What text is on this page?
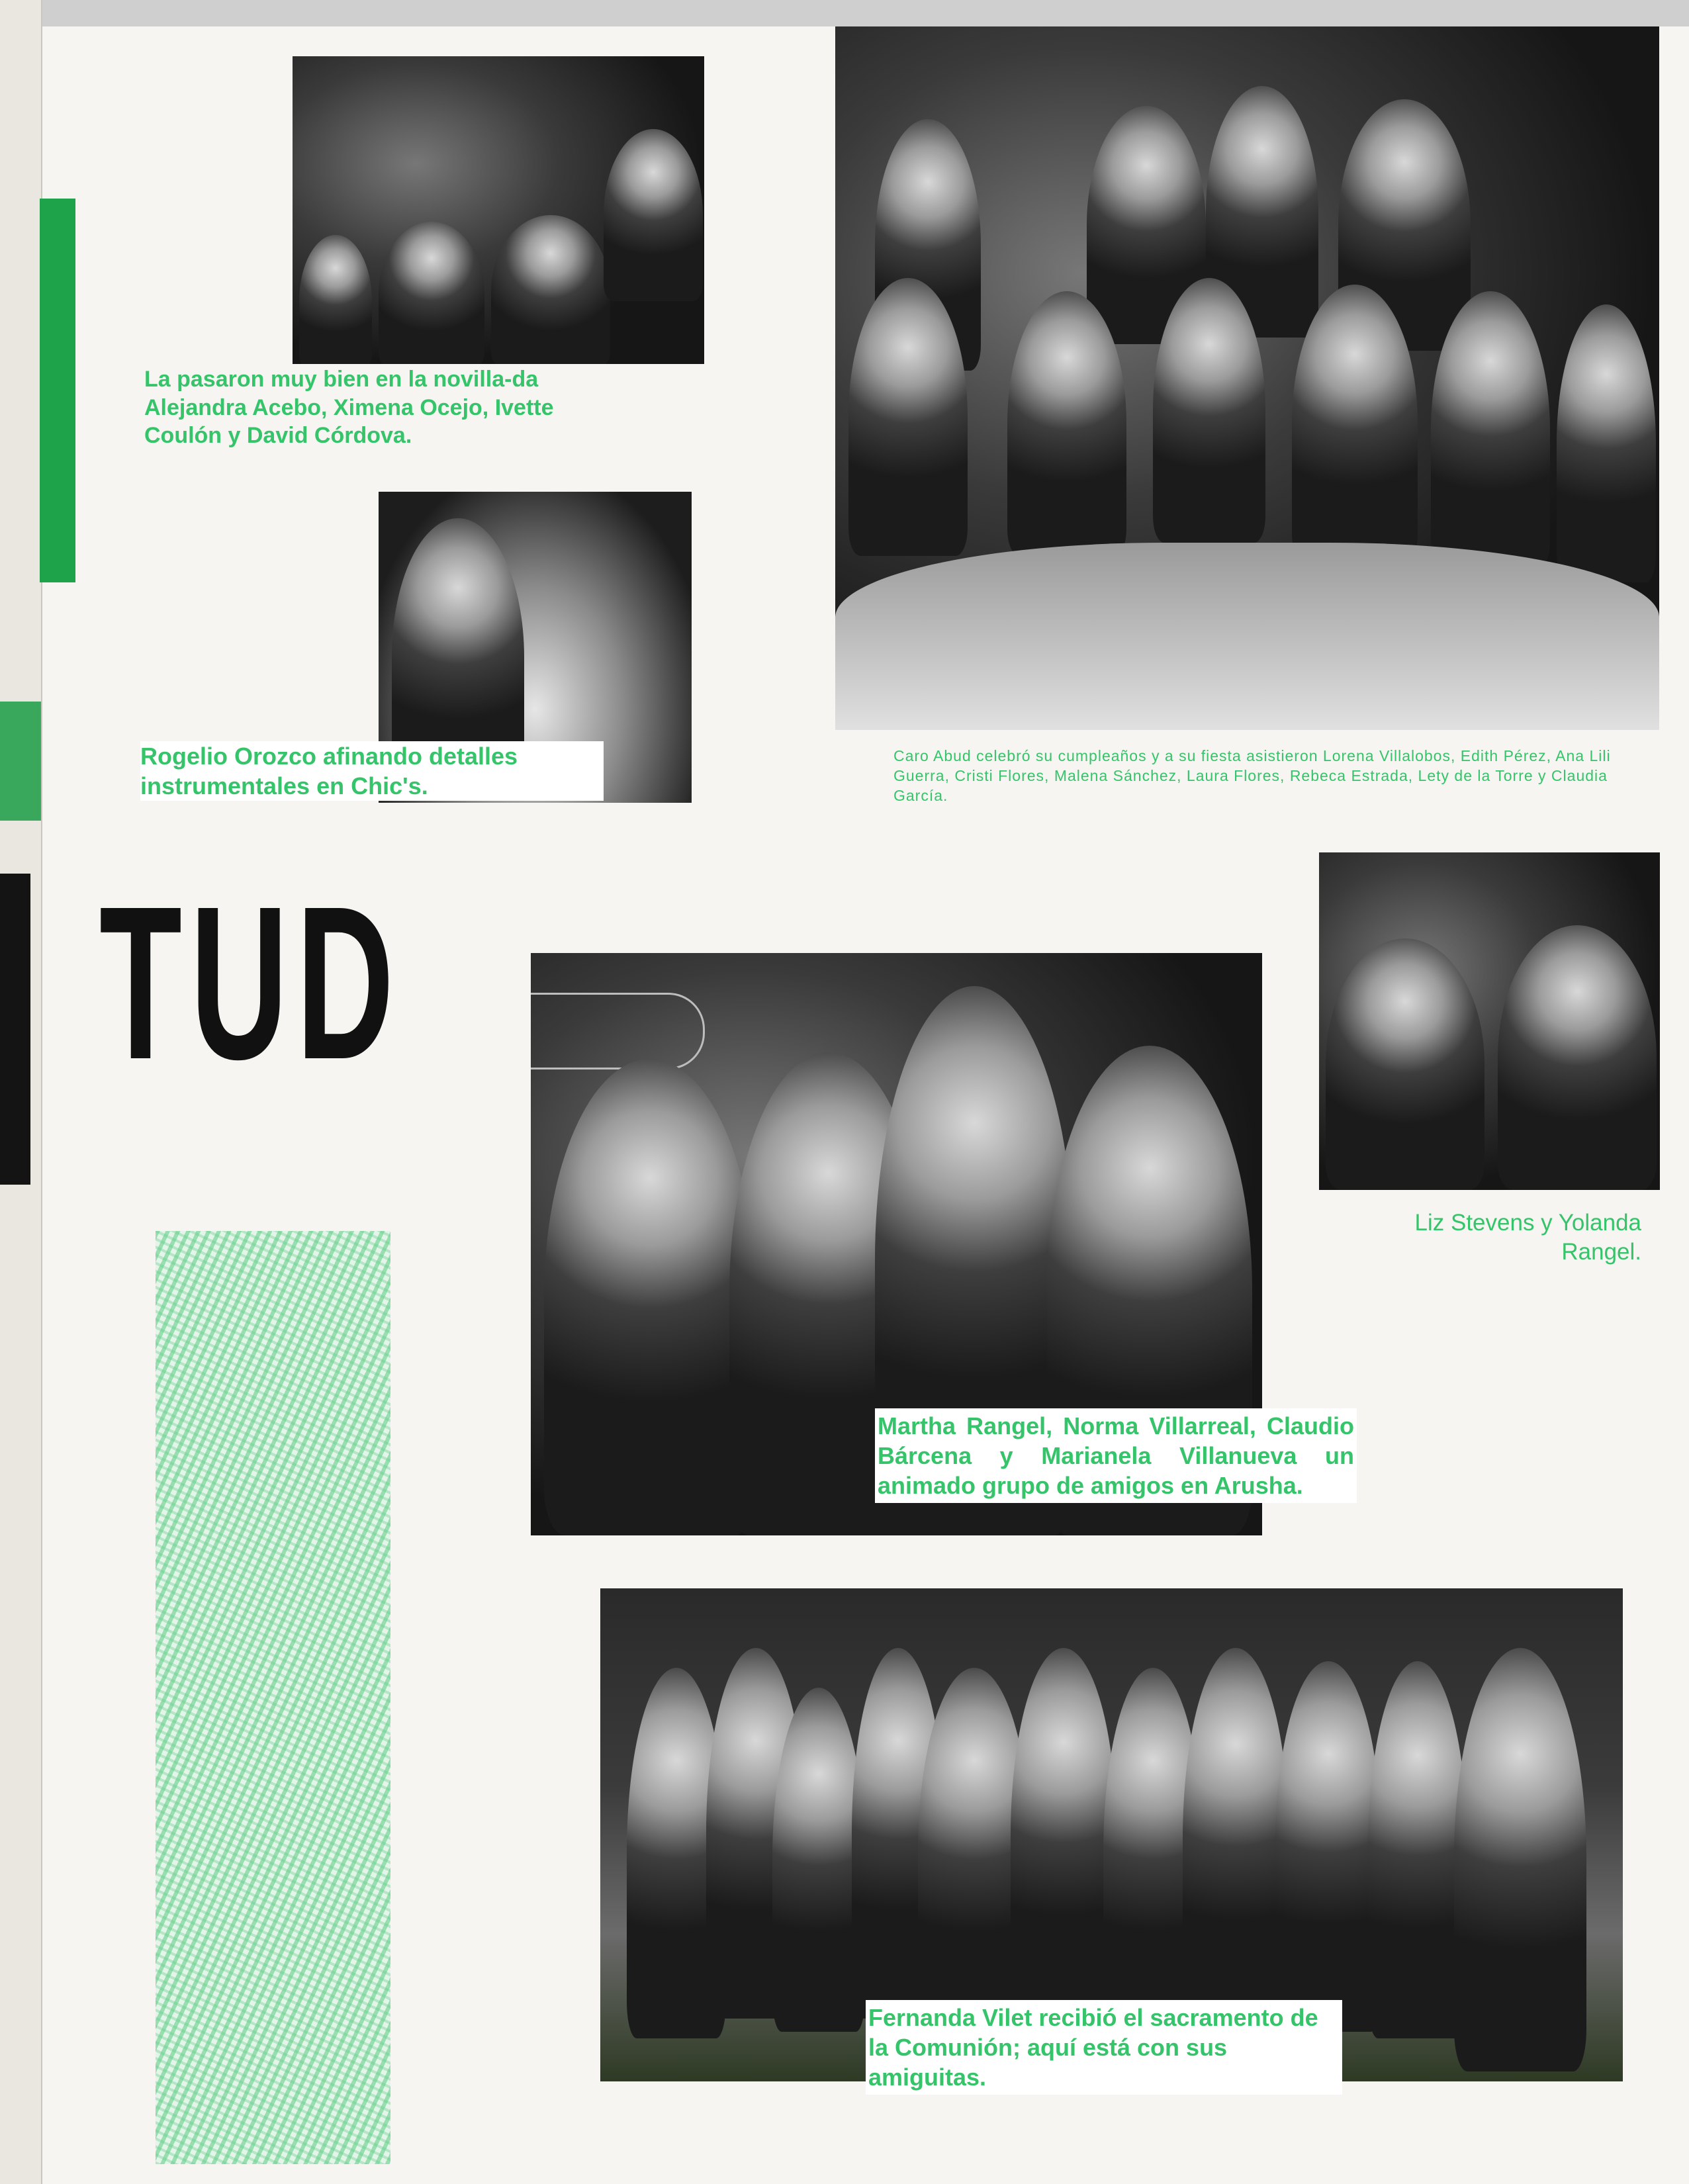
La pasaron muy bien en la novilla-da Alejandra Acebo, Ximena Ocejo, Ivette Coulón y David Córdova.
Rogelio Orozco afinando detalles
instrumentales en Chic's.
Caro Abud celebró su cumpleaños y a su fiesta asistieron Lorena Villalobos, Edith Pérez, Ana Lili Guerra, Cristi Flores, Malena Sánchez, Laura Flores, Rebeca Estrada, Lety de la Torre y Claudia García.
Liz Stevens y Yolanda Rangel.
TUD
Martha Rangel, Norma Villarreal, Claudio Bárcena y Marianela Villanueva un animado grupo de amigos en Arusha.
Fernanda Vilet recibió el sacramento de la Comunión; aquí está con sus amiguitas.
